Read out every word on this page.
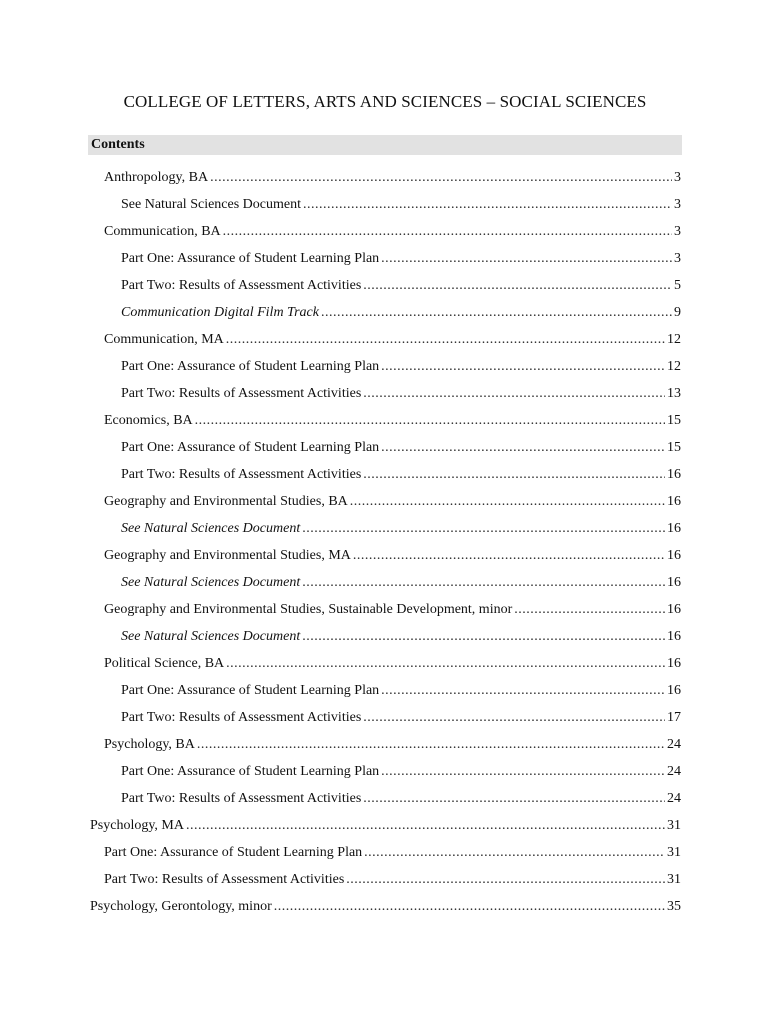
COLLEGE OF LETTERS, ARTS AND SCIENCES – SOCIAL SCIENCES
Contents
Anthropology, BA .....	3
See Natural Sciences Document .....	3
Communication, BA .....	3
Part One: Assurance of Student Learning Plan .....	3
Part Two: Results of Assessment Activities .....	5
Communication Digital Film Track .....	9
Communication, MA .....	12
Part One: Assurance of Student Learning Plan .....	12
Part Two: Results of Assessment Activities .....	13
Economics, BA .....	15
Part One: Assurance of Student Learning Plan .....	15
Part Two: Results of Assessment Activities .....	16
Geography and Environmental Studies, BA .....	16
See Natural Sciences Document .....	16
Geography and Environmental Studies, MA .....	16
See Natural Sciences Document .....	16
Geography and Environmental Studies, Sustainable Development, minor .....	16
See Natural Sciences Document .....	16
Political Science, BA .....	16
Part One: Assurance of Student Learning Plan .....	16
Part Two: Results of Assessment Activities .....	17
Psychology, BA .....	24
Part One: Assurance of Student Learning Plan .....	24
Part Two: Results of Assessment Activities .....	24
Psychology, MA .....	31
Part One: Assurance of Student Learning Plan .....	31
Part Two: Results of Assessment Activities .....	31
Psychology, Gerontology, minor .....	35
